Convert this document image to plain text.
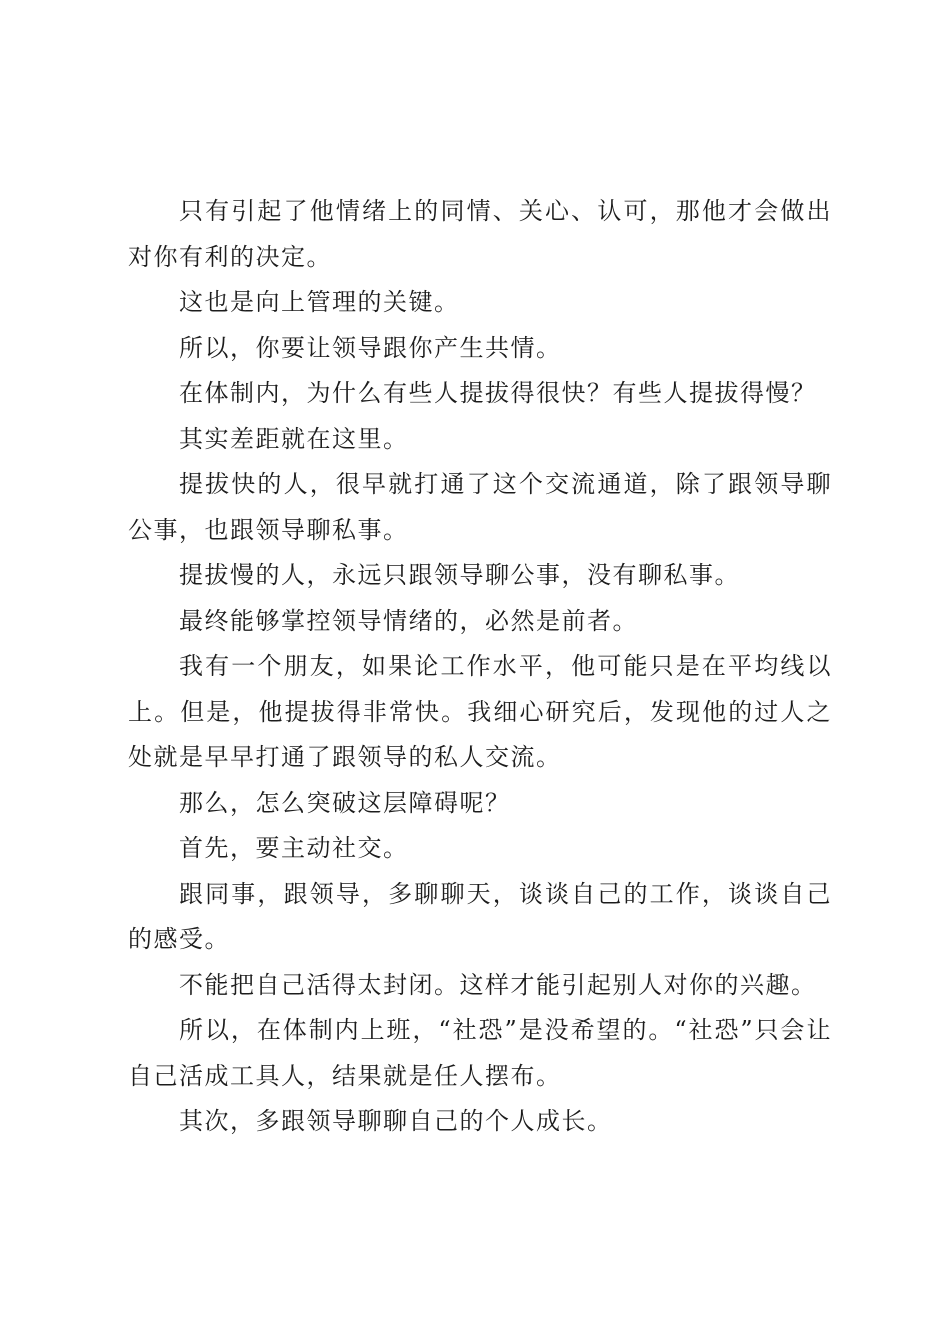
只有引起了他情绪上的同情、关心、认可，那他才会做出对你有利的决定。

这也是向上管理的关键。

所以，你要让领导跟你产生共情。

在体制内，为什么有些人提拔得很快？有些人提拔得慢？

其实差距就在这里。

提拔快的人，很早就打通了这个交流通道，除了跟领导聊公事，也跟领导聊私事。

提拔慢的人，永远只跟领导聊公事，没有聊私事。

最终能够掌控领导情绪的，必然是前者。

我有一个朋友，如果论工作水平，他可能只是在平均线以上。但是，他提拔得非常快。我细心研究后，发现他的过人之处就是早早打通了跟领导的私人交流。

那么，怎么突破这层障碍呢？

首先，要主动社交。

跟同事，跟领导，多聊聊天，谈谈自己的工作，谈谈自己的感受。

不能把自己活得太封闭。这样才能引起别人对你的兴趣。

所以，在体制内上班，“社恐”是没希望的。“社恐”只会让自己活成工具人，结果就是任人摆布。

其次，多跟领导聊聊自己的个人成长。
